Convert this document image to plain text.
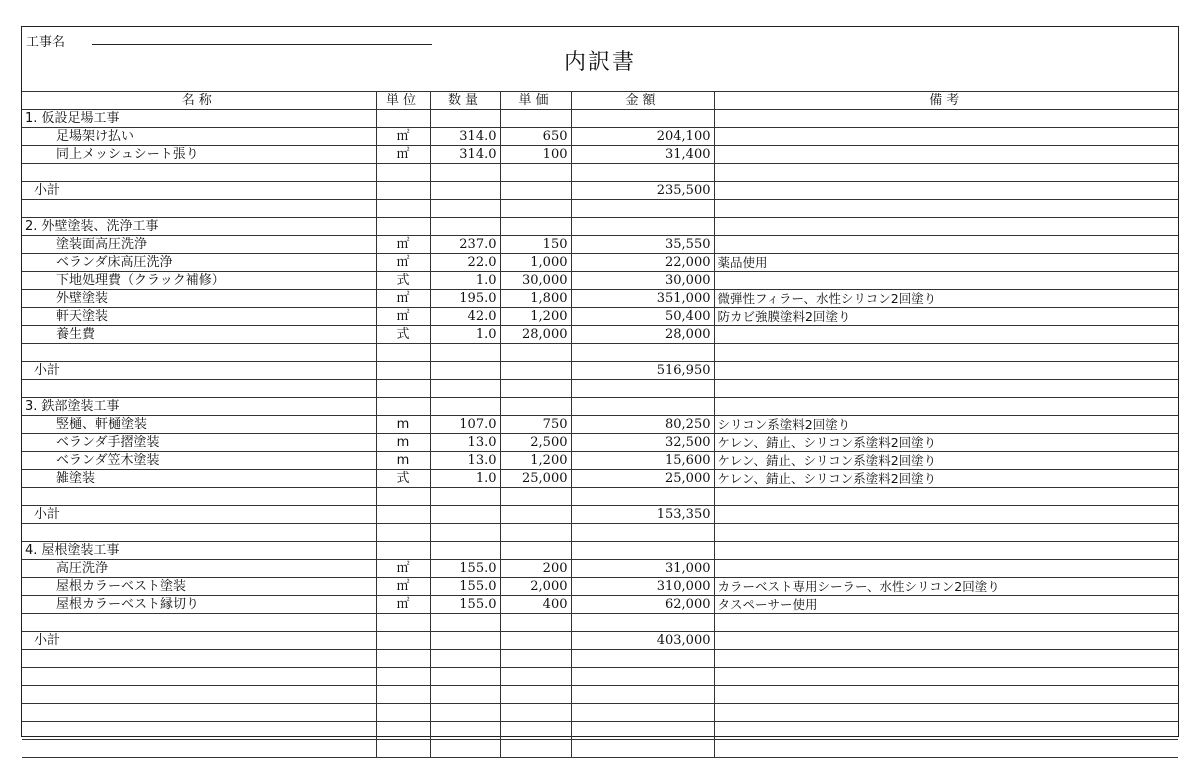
工事名
内訳書
名称	単位	数量	単価	金額	備考
1. 仮設足場工事					
足場架け払い	㎡	314.0	650	204,100	
同上メッシュシート張り	㎡	314.0	100	31,400	

小計				235,500	

2. 外壁塗装、洗浄工事					
塗装面高圧洗浄	㎡	237.0	150	35,550	
ベランダ床高圧洗浄	㎡	22.0	1,000	22,000	薬品使用
下地処理費（クラック補修）	式	1.0	30,000	30,000	
外壁塗装	㎡	195.0	1,800	351,000	微弾性フィラー、水性シリコン2回塗り
軒天塗装	㎡	42.0	1,200	50,400	防カビ強膜塗料2回塗り
養生費	式	1.0	28,000	28,000	

小計				516,950	

3. 鉄部塗装工事					
竪樋、軒樋塗装	m	107.0	750	80,250	シリコン系塗料2回塗り
ベランダ手摺塗装	m	13.0	2,500	32,500	ケレン、錆止、シリコン系塗料2回塗り
ベランダ笠木塗装	m	13.0	1,200	15,600	ケレン、錆止、シリコン系塗料2回塗り
雑塗装	式	1.0	25,000	25,000	ケレン、錆止、シリコン系塗料2回塗り

小計				153,350	

4. 屋根塗装工事					
高圧洗浄	㎡	155.0	200	31,000	
屋根カラーベスト塗装	㎡	155.0	2,000	310,000	カラーベスト専用シーラー、水性シリコン2回塗り
屋根カラーベスト縁切り	㎡	155.0	400	62,000	タスペーサー使用

小計				403,000	
